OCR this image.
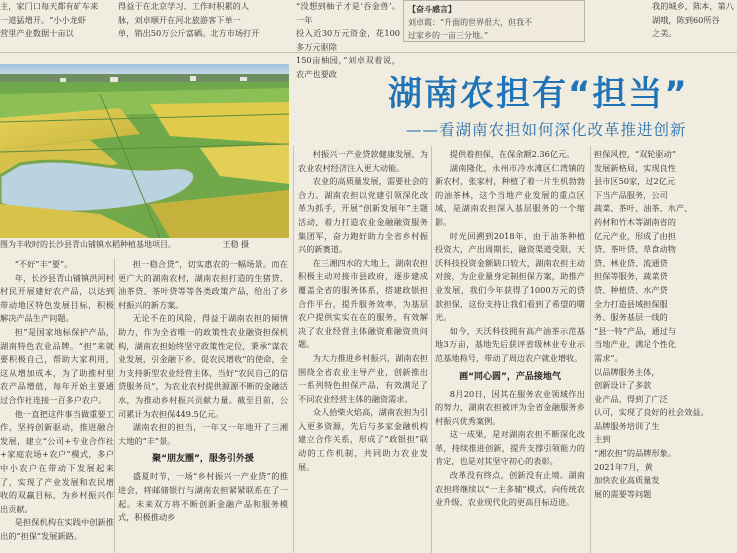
主，家门口每天都有矿车来
一道猛增开。“小小龙虾
营里产业数据十亩以
得益于在北京学习、工作时积累的人
脉，刘卓顺开在河北旅游客下单一
单，销出50万公斤富硒。北方市场打开
“没想到柚子才是‘吞金兽’。一年
投入近30万元资金，花100多万元驱除
150亩柚园，”刘卓双着说，农产也要政
【奋斗感言】
刘卓霞：“升面的世界很大，但我不
过家乡的一亩三分地。”
我的城乡，陈本，第八
湖哦，陈到60所谷
之美。
图为丰收时的长沙县青山铺镇水稻种植基地项目。	王稳 摄
湖南农担有“担当”
——看湖南农担如何深化改革推进创新

“不好”丰“要”。

年，长沙县青山铺镇洪河村村民开展建好农产品，以达到带动地区特色发展目标，积极解决产品生产问题。

担”是国家地标保护产品，湖南特色农业品牌。“担”来就要积极自己，帮助大家利用，这从增加成本，为了助推村里农产品增值，每年开始主要通过合作社连接一百多户农户。

他一直把这件事当做重要工作，坚持创新驱动，推进融合发展，建立“公司+专业合作社+家庭农场+农户”模式，多户中小农户在带动下发展起来了，实现了产业发展和农民增收的双赢目标，为乡村振兴作出贡献。

是担保机构在实践中创新推出的“担保”发展新路。

担一稳合贷”，切实惠农的一幅场景。而在更广大的湖南农村，湖南农担打造的生猪贷、油茶贷、茶叶贷等等各类政策产品，给出了乡村振兴的新方案。

无论不在的风险，得益于湖南农担的倾情助力，作为全省唯一的政策性农业融资担保机构，湖南农担始终坚守政策性定位，秉承“谋农业发展，引金融下乡，促农民增收”的使命，全力支持新型农业经营主体，当好“农民自己的信贷服务员”，为农业农村提供源源不断的金融活水，为推动乡村振兴贡献力量。截至目前，公司累计为农担保449.5亿元。

湖南农担的担当，一年又一年地开了三湘大地的“丰”景。

聚“朋友圈”，服务引外援

盛夏时节，一场“乡村振兴一产业贷”的推进会，将邮储银行与湖南农担紧紧联系在了一起。未来双方将不断创新金融产品和服务模式，积极推动乡

村振兴一产业贷款健康发展，为农业农村经济注入更大动能。

农业的高质量发展，需要社会的合力。湖南农担以党建引领深化改革为抓手，开展“创新发展年”主题活动，着力打造农业金融融资服务集团军，奋力跑好助力全省乡村振兴的新赛道。

在三湘四水的大地上，湖南农担积极主动对接市县政府，逐步建成覆盖全省的服务体系，搭建政银担合作平台，提升服务效率，为基层农户提供实实在在的服务，有效解决了农业经营主体融资难融资贵问题。

为大力推进乡村振兴，湖南农担围绕全省农业主导产业，创新推出一系列特色担保产品，有效满足了不同农业经营主体的融资需求。

众人拾柴火焰高，湖南农担为引入更多资源，先后与多家金融机构建立合作关系，形成了“政银担”联动的工作机制，共同助力农业发展。

提供着担保，在保余额2.36亿元。

湖南隆化，永州市冷水滩区仁湾镇的新农村，张家村，种植了着一片生机勃勃的油茶林，这个当地产业发展的重点区域，是湖南农担深入基层服务的一个缩影。

时光回溯到2018年，由于油茶种植投资大，产出周期长，融资渠道受限，天沃科技投资金额缺口较大，湖南农担主动对接，为企业量身定制担保方案，助推产业发展，我们今年获得了1000万元的贷款担保，这份支持让我们看到了希望的曙光。

如今，天沃科技拥有高产油茶示范基地3万亩，基地先后获评省级林业专业示范基地称号，带动了周边农户就业增收。

画“同心圆”，产品接地气

8月20日，因其在服务农业领域作出的努力，湖南农担被评为全省金融服务乡村振兴优秀案例。

这一成果，是对湖南农担不断深化改革，持续推进创新，提升支撑引领能力的肯定，也是对其坚守初心的表彰。

改革没有终点，创新没有止境。湖南农担将继续以“一主多辅”模式，向传统农业升级、农业现代化的更高目标迈进。

担保风控，“双轮驱动”
发展新格局，实现良性
县市区50家，过2亿元
下当产品服务，公司
蔬菜、茶叶、油茶、水产、
药材和竹木等湖南省的
亿元产业，形成了由担
贷、茶叶贷、草食动物
贷、林业贷、流通贷
担保等服务，蔬菜贷
贷、种植贷、水产贷
全力打造县域担保服
务、服务基层一线的
“县一特”产品，通过与
当地产业，满足个性化
需求”。
以品牌服务主体，
创新设计了多款
业产品，得到了广泛
认可，实现了良好的社会效益。
品牌服务培训了生
主到
“湘农担”的品牌形象。
2021年7月，黄
加快农业高质量发
展的需要等问题
